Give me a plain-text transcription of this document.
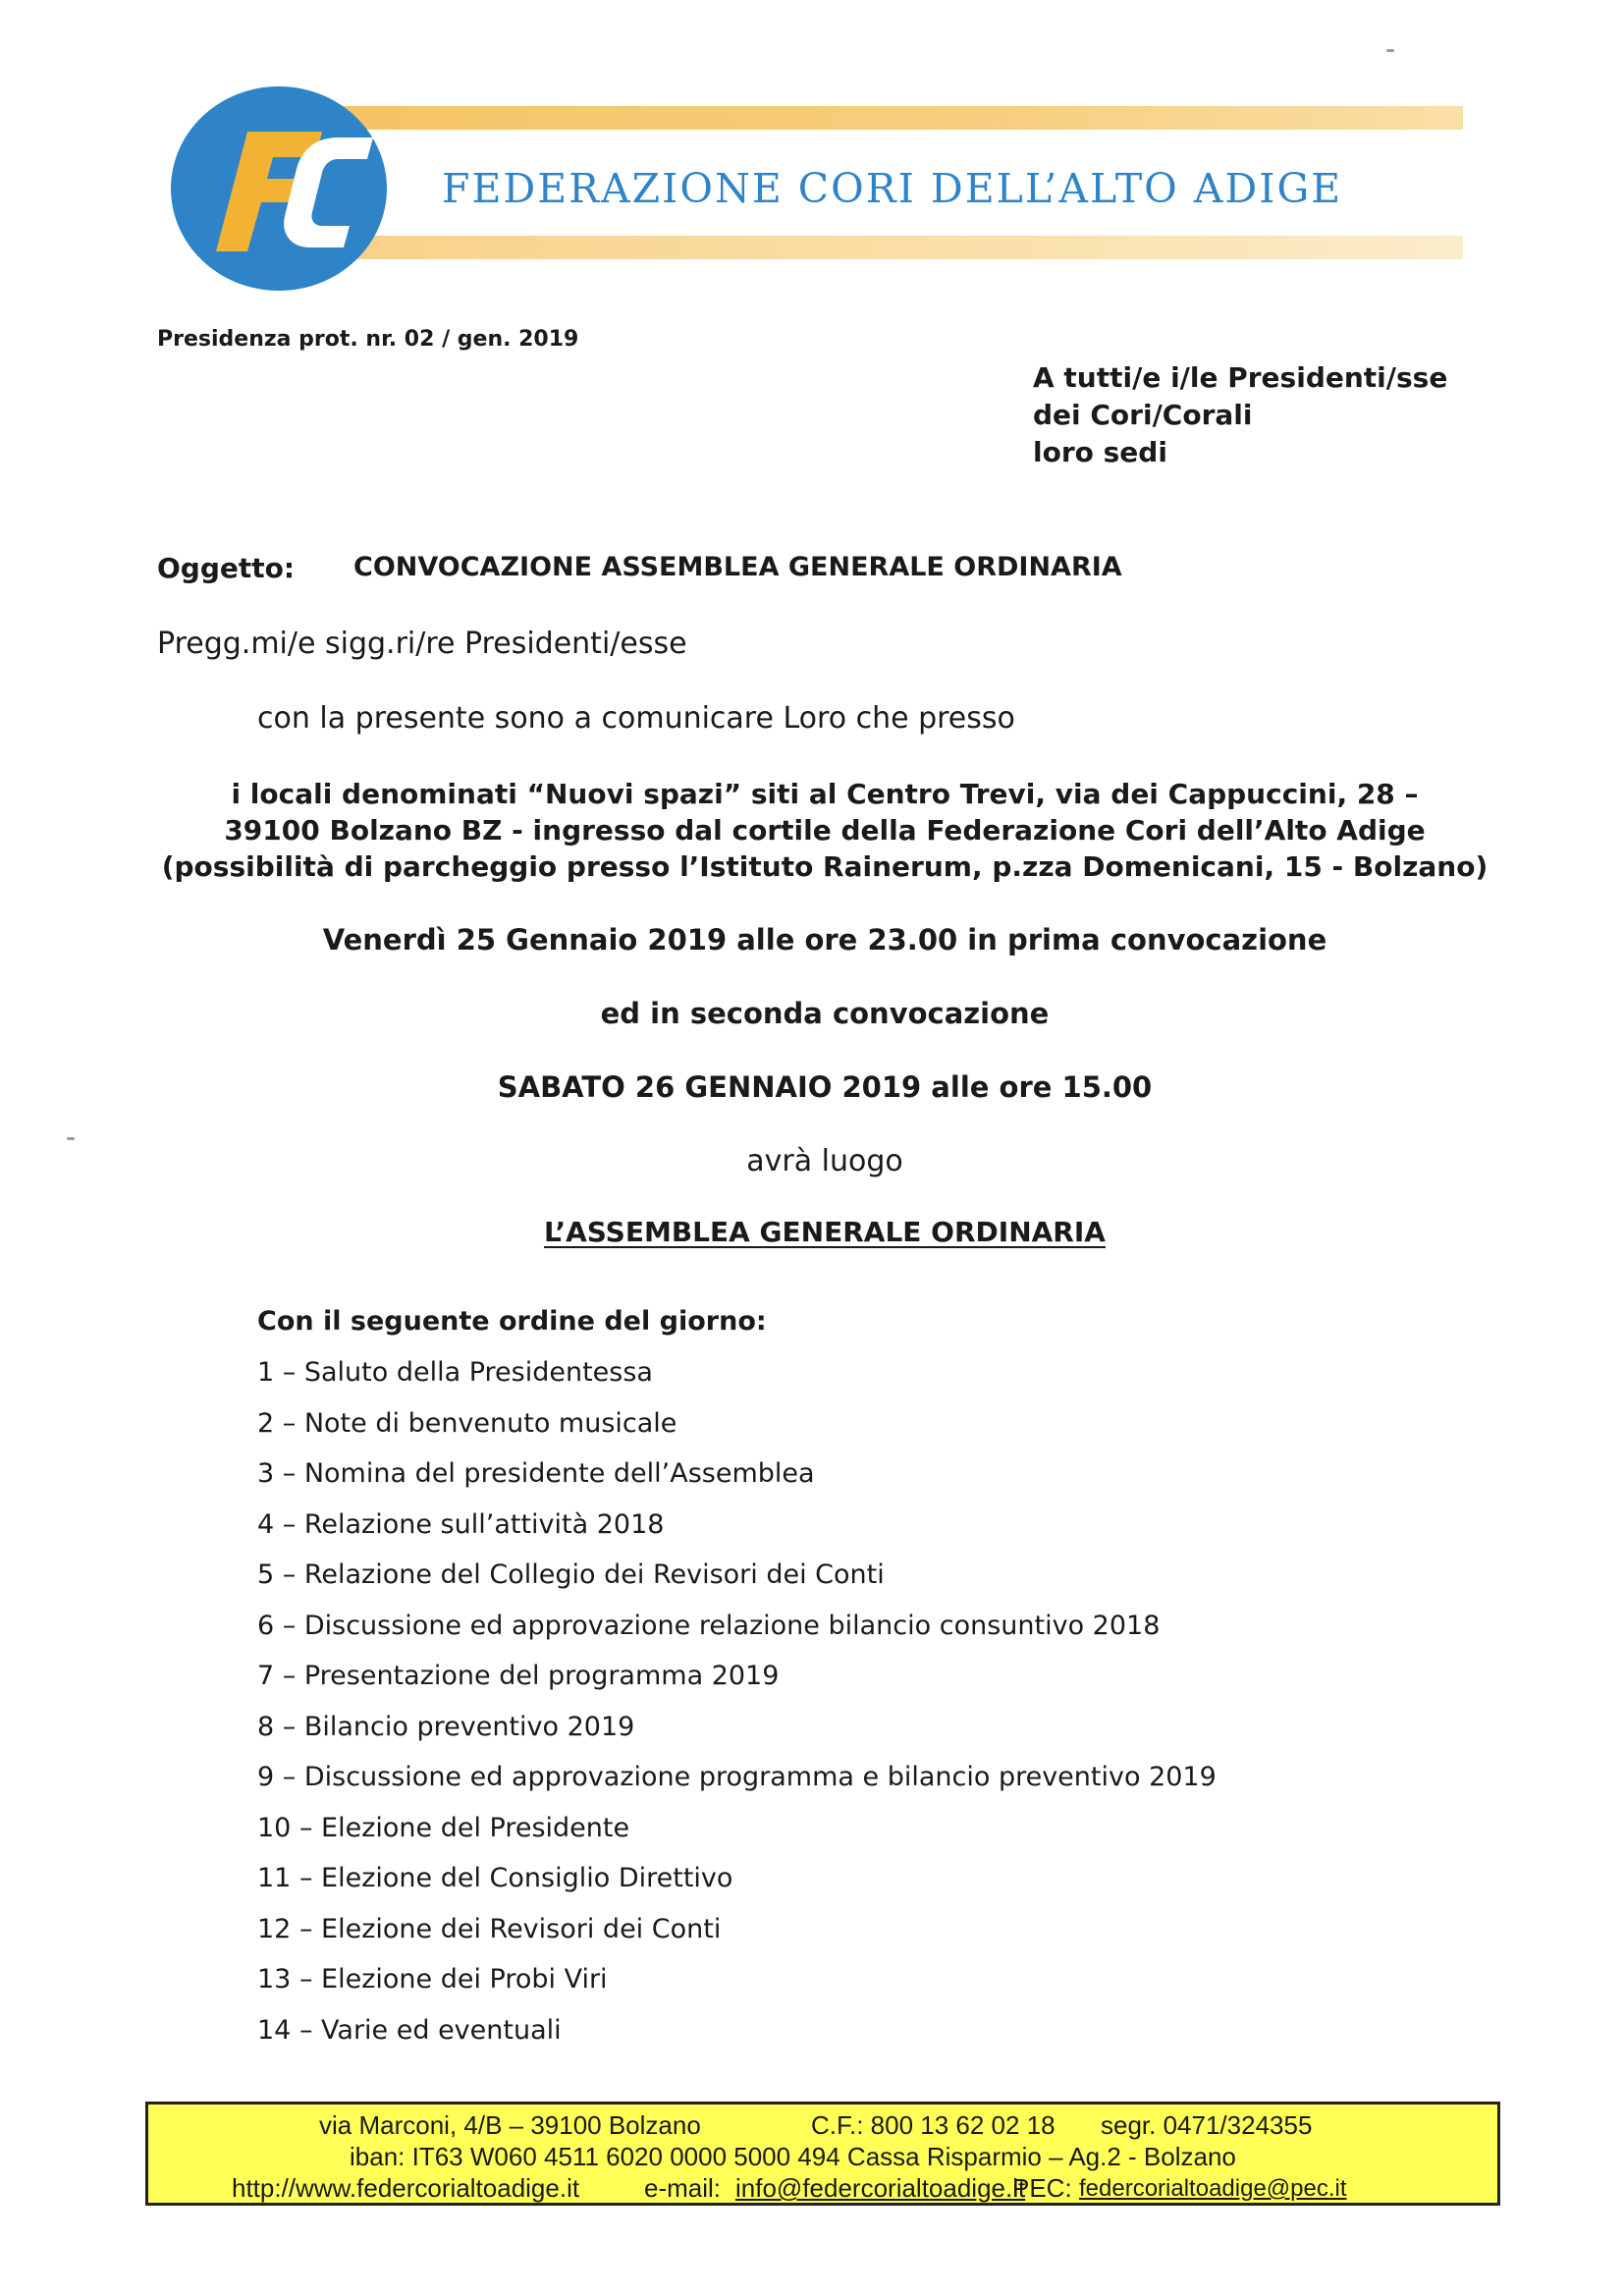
FEDERAZIONE CORI DELL’ALTO ADIGE
Presidenza prot. nr. 02 / gen. 2019
A tutti/e i/le Presidenti/sse
dei Cori/Corali
loro sedi
Oggetto: CONVOCAZIONE ASSEMBLEA GENERALE ORDINARIA
Pregg.mi/e sigg.ri/re Presidenti/esse
con la presente sono a comunicare Loro che presso
i locali denominati “Nuovi spazi” siti al Centro Trevi, via dei Cappuccini, 28 –
39100 Bolzano BZ - ingresso dal cortile della Federazione Cori dell’Alto Adige
(possibilità di parcheggio presso l’Istituto Rainerum, p.zza Domenicani, 15 - Bolzano)
Venerdì 25 Gennaio 2019 alle ore 23.00 in prima convocazione
ed in seconda convocazione
SABATO 26 GENNAIO 2019 alle ore 15.00
avrà luogo
L’ASSEMBLEA GENERALE ORDINARIA
Con il seguente ordine del giorno:
1 – Saluto della Presidentessa
2 – Note di benvenuto musicale
3 – Nomina del presidente dell’Assemblea
4 – Relazione sull’attività 2018
5 – Relazione del Collegio dei Revisori dei Conti
6 – Discussione ed approvazione relazione bilancio consuntivo 2018
7 – Presentazione del programma 2019
8 – Bilancio preventivo 2019
9 – Discussione ed approvazione programma e bilancio preventivo 2019
10 – Elezione del Presidente
11 – Elezione del Consiglio Direttivo
12 – Elezione dei Revisori dei Conti
13 – Elezione dei Probi Viri
14 – Varie ed eventuali
via Marconi, 4/B – 39100 Bolzano	C.F.: 800 13 62 02 18 segr. 0471/324355
iban: IT63 W060 4511 6020 0000 5000 494 Cassa Risparmio – Ag.2 - Bolzano
http://www.federcorialtoadige.it	e-mail: info@federcorialtoadige.it
PEC: federcorialtoadige@pec.it
